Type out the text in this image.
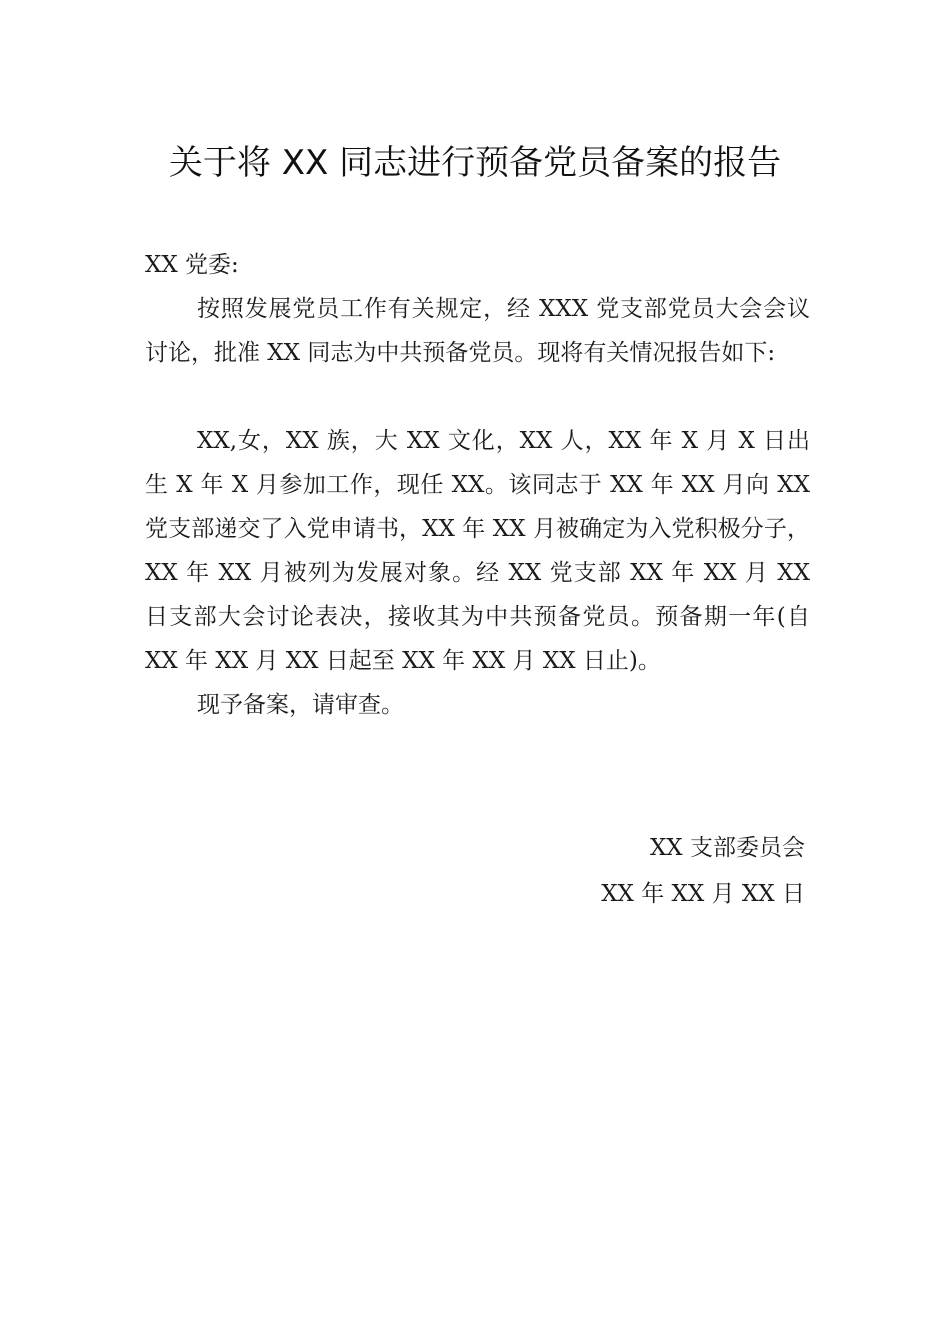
关于将 XX 同志进行预备党员备案的报告
XX 党委:
按照发展党员工作有关规定，经 XXX 党支部党员大会会议讨论，批准 XX 同志为中共预备党员。现将有关情况报告如下:
XX,女，XX 族，大 XX 文化，XX 人，XX 年 X 月 X 日出生 X 年 X 月参加工作，现任 XX。该同志于 XX 年 XX 月向 XX 党支部递交了入党申请书，XX 年 XX 月被确定为入党积极分子，XX 年 XX 月被列为发展对象。经 XX 党支部 XX 年 XX 月 XX 日支部大会讨论表决，接收其为中共预备党员。预备期一年(自 XX 年 XX 月 XX 日起至 XX 年 XX 月 XX 日止)。
现予备案，请审查。
XX 支部委员会
XX 年 XX 月 XX 日
